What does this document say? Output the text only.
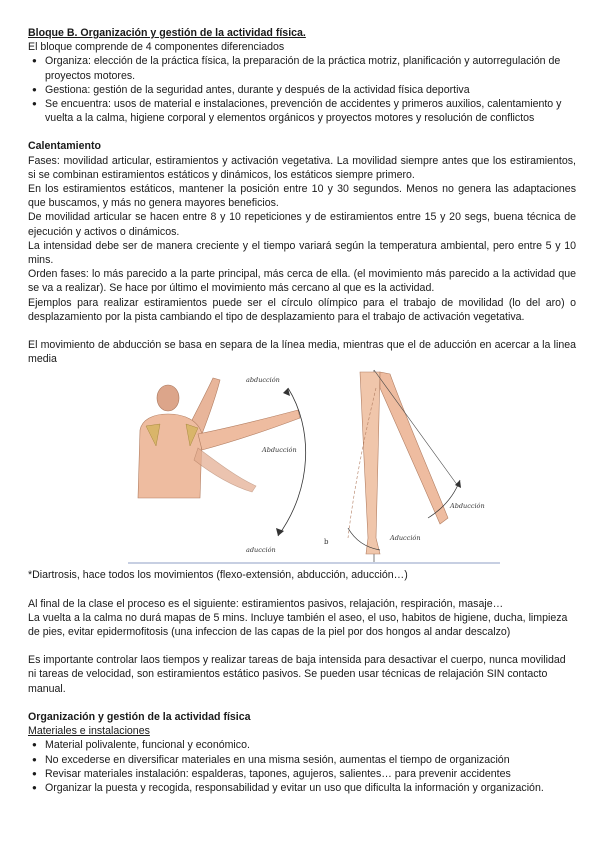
Bloque B. Organización y gestión de la actividad física.

El bloque comprende de 4 componentes diferenciados

● Organiza: elección de la práctica física, la preparación de la práctica motriz, planificación y autorregulación de proyectos motores.
● Gestiona: gestión de la seguridad antes, durante y después de la actividad física deportiva
● Se encuentra: usos de material e instalaciones, prevención de accidentes y primeros auxilios, calentamiento y vuelta a la calma, higiene corporal y elementos orgánicos y proyectos motores y resolución de conflictos

Calentamiento

Fases: movilidad articular, estiramientos y activación vegetativa. La movilidad siempre antes que los estiramientos, si se combinan estiramientos estáticos y dinámicos, los estáticos siempre primero.

En los estiramientos estáticos, mantener la posición entre 10 y 30 segundos. Menos no genera las adaptaciones que buscamos, y más no genera mayores beneficios.

De movilidad articular se hacen entre 8 y 10 repeticiones y de estiramientos entre 15 y 20 segs, buena técnica de ejecución y activos o dinámicos.

La intensidad debe ser de manera creciente y el tiempo variará según la temperatura ambiental, pero entre 5 y 10 mins.

Orden fases: lo más parecido a la parte principal, más cerca de ella. (el movimiento más parecido a la actividad que se va a realizar). Se hace por último el movimiento más cercano al que es la actividad.

Ejemplos para realizar estiramientos puede ser el círculo olímpico para el trabajo de movilidad (lo del aro) o desplazamiento por la pista cambiando el tipo de desplazamiento para el trabajo de activación vegetativa.

El movimiento de abducción se basa en separa de la línea media, mientras que el de aducción en acercar a la linea media

abducción
Abducción
aducción
b
Abducción
Aducción

*Diartrosis, hace todos los movimientos (flexo-extensión, abducción, aducción…)

Al final de la clase el proceso es el siguiente: estiramientos pasivos, relajación, respiración, masaje…

La vuelta a la calma no durá mapas de 5 mins. Incluye también el aseo, el uso, habitos de higiene, ducha, limpieza de pies, evitar epidermofitosis (una infeccion de las capas de la piel por dos hongos al andar descalzo)

Es importante controlar laos tiempos y realizar tareas de baja intensida para desactivar el cuerpo, nunca movilidad ni tareas de velocidad, son estiramientos estático pasivos. Se pueden usar técnicas de relajación SIN contacto manual.

Organización y gestión de la actividad física

Materiales e instalaciones

● Material polivalente, funcional y económico.
● No excederse en diversificar materiales en una misma sesión, aumentas el tiempo de organización
● Revisar materiales instalación: espalderas, tapones, agujeros, salientes… para prevenir accidentes
● Organizar la puesta y recogida, responsabilidad y evitar un uso que dificulta la información y organización.
